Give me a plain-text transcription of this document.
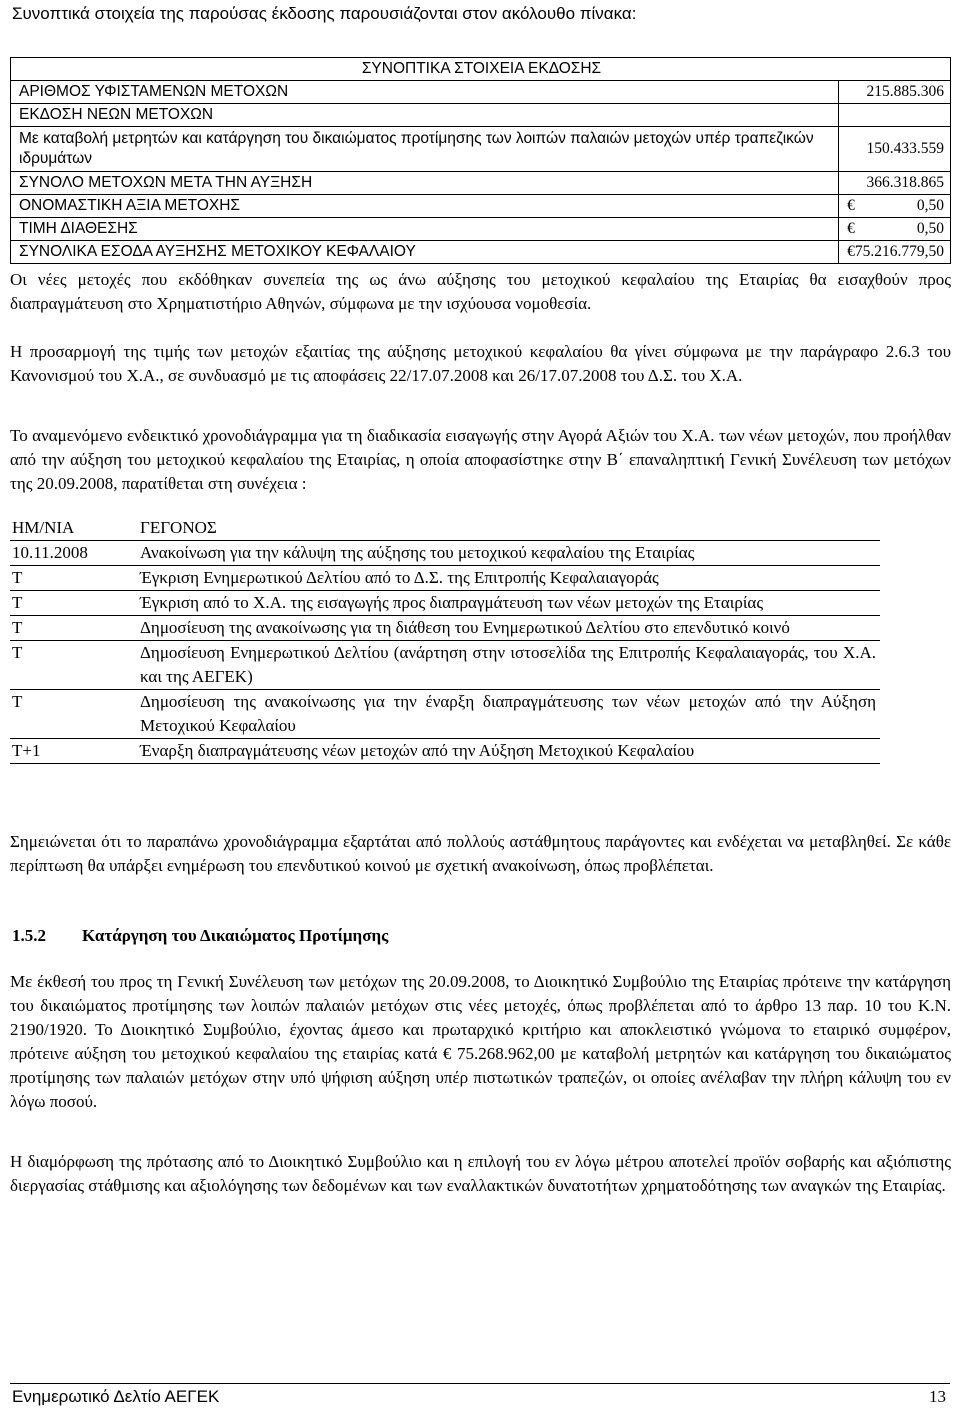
Συνοπτικά στοιχεία της παρούσας έκδοσης παρουσιάζονται στον ακόλουθο πίνακα:
ΣΥΝΟΠΤΙΚΑ ΣΤΟΙΧΕΙΑ ΕΚΔΟΣΗΣ	
ΑΡΙΘΜΟΣ ΥΦΙΣΤΑΜΕΝΩΝ ΜΕΤΟΧΩΝ	215.885.306
ΕΚΔΟΣΗ ΝΕΩΝ ΜΕΤΟΧΩΝ	

Με καταβολή μετρητών και κατάργηση του δικαιώματος προτίμησης των λοιπών παλαιών μετοχών υπέρ τραπεζικών ιδρυμάτων	150.433.559
ΣΥΝΟΛΟ ΜΕΤΟΧΩΝ ΜΕΤΑ ΤΗΝ ΑΥΞΗΣΗ	366.318.865
ΟΝΟΜΑΣΤΙΚΗ ΑΞΙΑ ΜΕΤΟΧΗΣ	€ 0,50

ΤΙΜΗ ΔΙΑΘΕΣΗΣ	€ 0,50

ΣΥΝΟΛΙΚΑ ΕΣΟΔΑ ΑΥΞΗΣΗΣ ΜΕΤΟΧΙΚΟΥ ΚΕΦΑΛΑΙΟΥ	€ 75.216.779,50

Οι νέες μετοχές που εκδόθηκαν συνεπεία της ως άνω αύξησης του μετοχικού κεφαλαίου της Εταιρίας θα εισαχθούν προς διαπραγμάτευση στο Χρηματιστήριο Αθηνών, σύμφωνα με την ισχύουσα νομοθεσία.

Η προσαρμογή της τιμής των μετοχών εξαιτίας της αύξησης μετοχικού κεφαλαίου θα γίνει σύμφωνα με την παράγραφο 2.6.3 του Κανονισμού του Χ.Α., σε συνδυασμό με τις αποφάσεις 22/17.07.2008 και 26/17.07.2008 του Δ.Σ. του Χ.Α.

Το αναμενόμενο ενδεικτικό χρονοδιάγραμμα για τη διαδικασία εισαγωγής στην Αγορά Αξιών του Χ.Α. των νέων μετοχών, που προήλθαν από την αύξηση του μετοχικού κεφαλαίου της Εταιρίας, η οποία αποφασίστηκε στην Β΄ επαναληπτική Γενική Συνέλευση των μετόχων της 20.09.2008, παρατίθεται στη συνέχεια :

ΗΜ/ΝΙΑ	ΓΕΓΟΝΟΣ
10.11.2008	Ανακοίνωση για την κάλυψη της αύξησης του μετοχικού κεφαλαίου της Εταιρίας
Τ	Έγκριση Ενημερωτικού Δελτίου από το Δ.Σ. της Επιτροπής Κεφαλαιαγοράς
Τ	Έγκριση από το Χ.Α. της εισαγωγής προς διαπραγμάτευση των νέων μετοχών της Εταιρίας
Τ	Δημοσίευση της ανακοίνωσης για τη διάθεση του Ενημερωτικού Δελτίου στο επενδυτικό κοινό
Τ	Δημοσίευση Ενημερωτικού Δελτίου (ανάρτηση στην ιστοσελίδα της Επιτροπής Κεφαλαιαγοράς, του Χ.Α. και της ΑΕΓΕΚ)
Τ	Δημοσίευση της ανακοίνωσης για την έναρξη διαπραγμάτευσης των νέων μετοχών από την Αύξηση Μετοχικού Κεφαλαίου
Τ+1	Έναρξη διαπραγμάτευσης νέων μετοχών από την Αύξηση Μετοχικού Κεφαλαίου

Σημειώνεται ότι το παραπάνω χρονοδιάγραμμα εξαρτάται από πολλούς αστάθμητους παράγοντες και ενδέχεται να μεταβληθεί. Σε κάθε περίπτωση θα υπάρξει ενημέρωση του επενδυτικού κοινού με σχετική ανακοίνωση, όπως προβλέπεται.

1.5.2 Κατάργηση του Δικαιώματος Προτίμησης

Με έκθεσή του προς τη Γενική Συνέλευση των μετόχων της 20.09.2008, το Διοικητικό Συμβούλιο της Εταιρίας πρότεινε την κατάργηση του δικαιώματος προτίμησης των λοιπών παλαιών μετόχων στις νέες μετοχές, όπως προβλέπεται από το άρθρο 13 παρ. 10 του Κ.Ν. 2190/1920. Το Διοικητικό Συμβούλιο, έχοντας άμεσο και πρωταρχικό κριτήριο και αποκλειστικό γνώμονα το εταιρικό συμφέρον, πρότεινε αύξηση του μετοχικού κεφαλαίου της εταιρίας κατά € 75.268.962,00 με καταβολή μετρητών και κατάργηση του δικαιώματος προτίμησης των παλαιών μετόχων στην υπό ψήφιση αύξηση υπέρ πιστωτικών τραπεζών, οι οποίες ανέλαβαν την πλήρη κάλυψη του εν λόγω ποσού.

Η διαμόρφωση της πρότασης από το Διοικητικό Συμβούλιο και η επιλογή του εν λόγω μέτρου αποτελεί προϊόν σοβαρής και αξιόπιστης διεργασίας στάθμισης και αξιολόγησης των δεδομένων και των εναλλακτικών δυνατοτήτων χρηματοδότησης των αναγκών της Εταιρίας.

Ενημερωτικό Δελτίο ΑΕΓΕΚ	13
